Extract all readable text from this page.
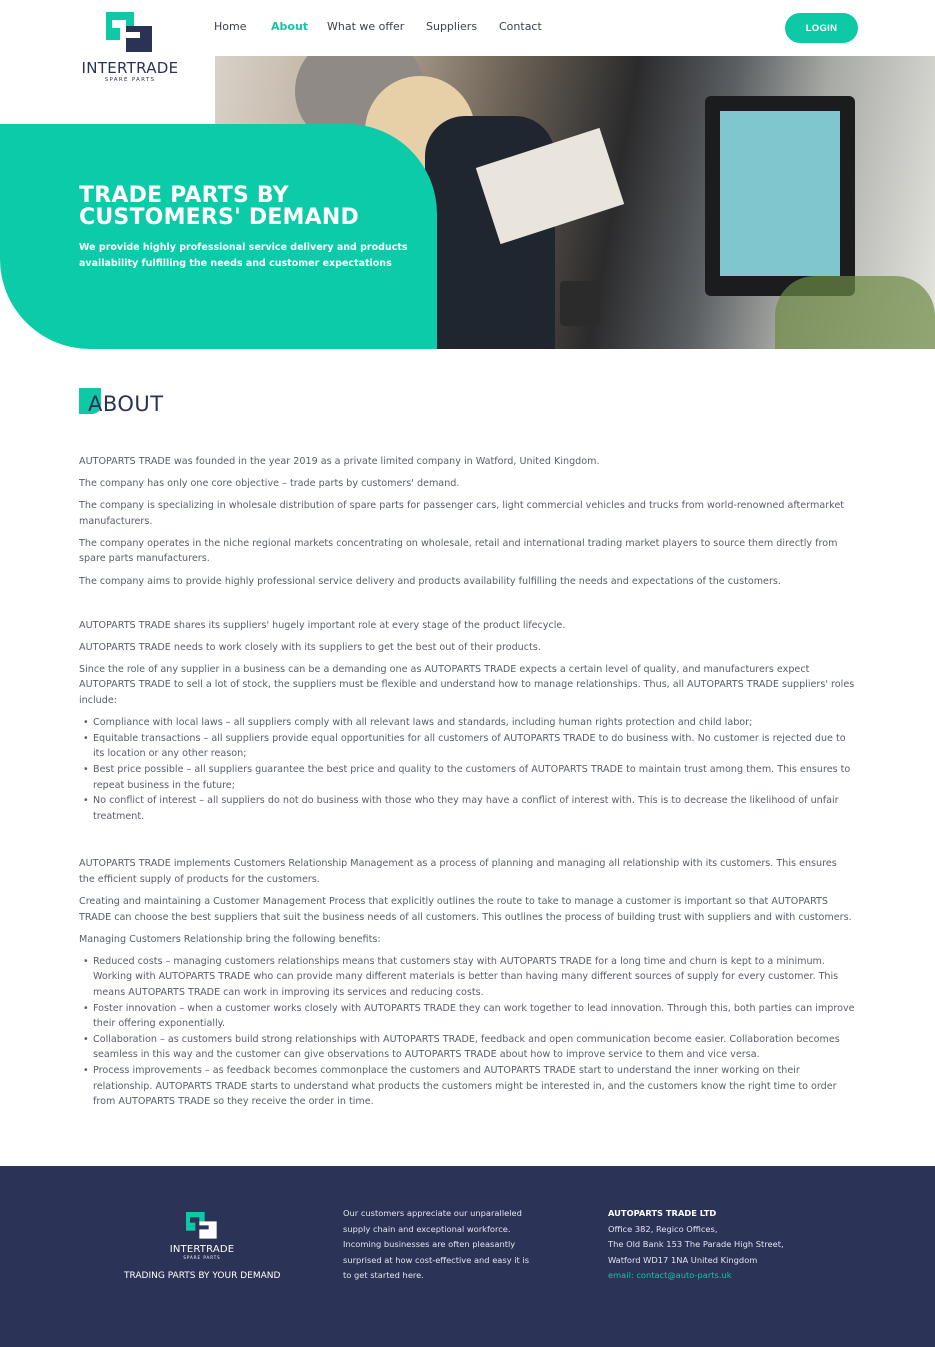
INTERTRADE
SPARE PARTS
Home About What we offer Suppliers Contact	LOGIN
TRADE PARTS BY
CUSTOMERS' DEMAND

We provide highly professional service delivery and products availability fulfilling the needs and customer expectations

ABOUT

AUTOPARTS TRADE was founded in the year 2019 as a private limited company in Watford, United Kingdom.

The company has only one core objective – trade parts by customers' demand.

The company is specializing in wholesale distribution of spare parts for passenger cars, light commercial vehicles and trucks from world-renowned aftermarket manufacturers.

The company operates in the niche regional markets concentrating on wholesale, retail and international trading market players to source them directly from spare parts manufacturers.

The company aims to provide highly professional service delivery and products availability fulfilling the needs and expectations of the customers.

AUTOPARTS TRADE shares its suppliers' hugely important role at every stage of the product lifecycle.

AUTOPARTS TRADE needs to work closely with its suppliers to get the best out of their products.

Since the role of any supplier in a business can be a demanding one as AUTOPARTS TRADE expects a certain level of quality, and manufacturers expect AUTOPARTS TRADE to sell a lot of stock, the suppliers must be flexible and understand how to manage relationships. Thus, all AUTOPARTS TRADE suppliers' roles include:

• Compliance with local laws – all suppliers comply with all relevant laws and standards, including human rights protection and child labor;
• Equitable transactions – all suppliers provide equal opportunities for all customers of AUTOPARTS TRADE to do business with. No customer is rejected due to its location or any other reason;
• Best price possible – all suppliers guarantee the best price and quality to the customers of AUTOPARTS TRADE to maintain trust among them. This ensures to repeat business in the future;
• No conflict of interest – all suppliers do not do business with those who they may have a conflict of interest with. This is to decrease the likelihood of unfair treatment.

AUTOPARTS TRADE implements Customers Relationship Management as a process of planning and managing all relationship with its customers. This ensures the efficient supply of products for the customers.

Creating and maintaining a Customer Management Process that explicitly outlines the route to take to manage a customer is important so that AUTOPARTS TRADE can choose the best suppliers that suit the business needs of all customers. This outlines the process of building trust with suppliers and with customers.

Managing Customers Relationship bring the following benefits:

• Reduced costs – managing customers relationships means that customers stay with AUTOPARTS TRADE for a long time and churn is kept to a minimum. Working with AUTOPARTS TRADE who can provide many different materials is better than having many different sources of supply for every customer. This means AUTOPARTS TRADE can work in improving its services and reducing costs.
• Foster innovation – when a customer works closely with AUTOPARTS TRADE they can work together to lead innovation. Through this, both parties can improve their offering exponentially.
• Collaboration – as customers build strong relationships with AUTOPARTS TRADE, feedback and open communication become easier. Collaboration becomes seamless in this way and the customer can give observations to AUTOPARTS TRADE about how to improve service to them and vice versa.
• Process improvements – as feedback becomes commonplace the customers and AUTOPARTS TRADE start to understand the inner working on their relationship. AUTOPARTS TRADE starts to understand what products the customers might be interested in, and the customers know the right time to order from AUTOPARTS TRADE so they receive the order in time.
INTERTRADE
SPARE PARTS
TRADING PARTS BY YOUR DEMAND

Our customers appreciate our unparalleled supply chain and exceptional workforce. Incoming businesses are often pleasantly surprised at how cost-effective and easy it is to get started here.

AUTOPARTS TRADE LTD
Office 382, Regico Offices,
The Old Bank 153 The Parade High Street,
Watford WD17 1NA United Kingdom
email: contact@auto-parts.uk
